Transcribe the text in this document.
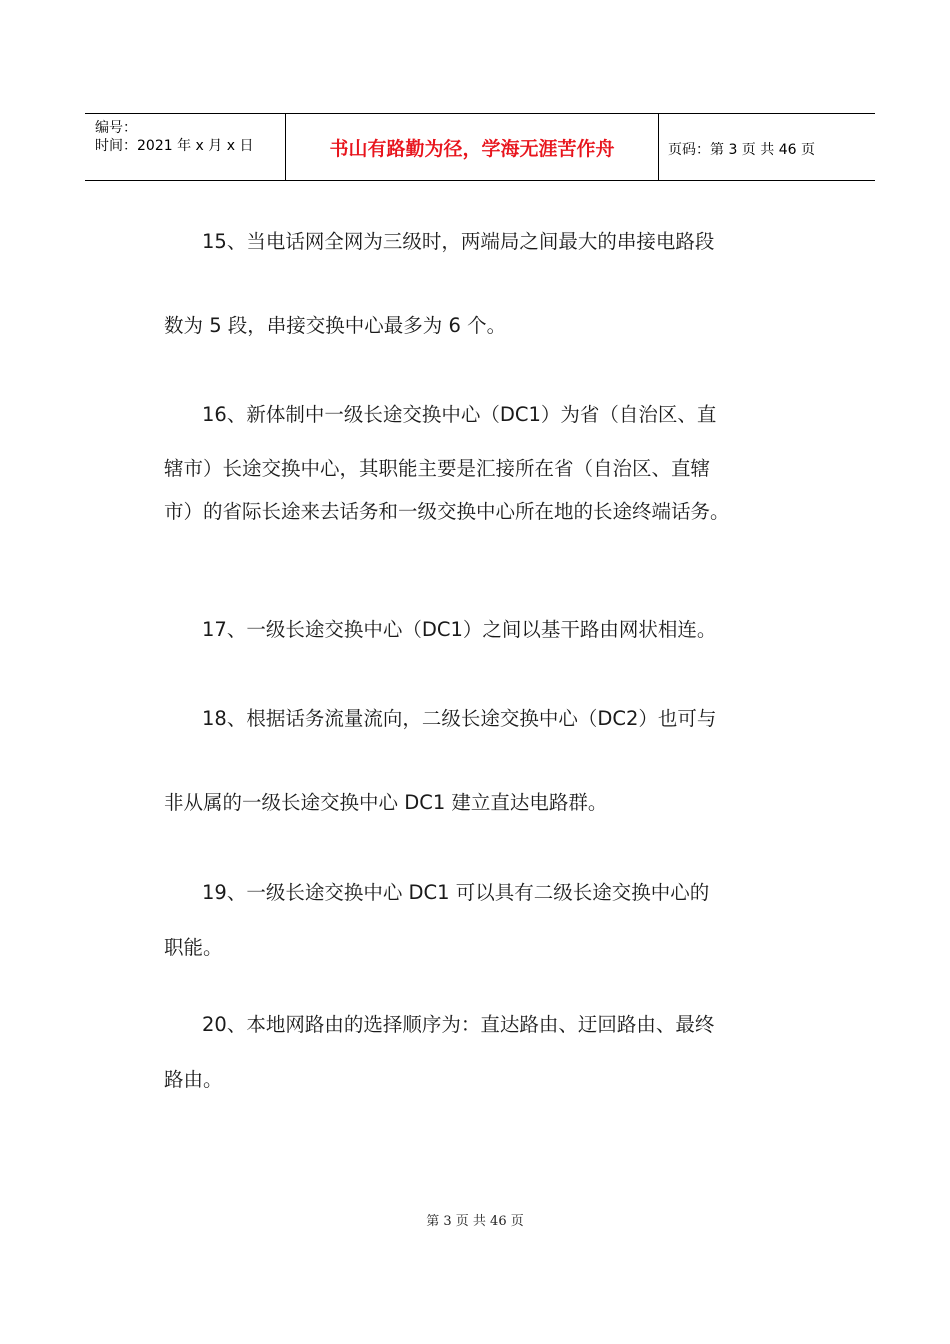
编号：
时间：2021 年 x 月 x 日	书山有路勤为径，学海无涯苦作舟	页码：第 3 页 共 46 页
15、当电话网全网为三级时，两端局之间最大的串接电路段
数为 5 段，串接交换中心最多为 6 个。
16、新体制中一级长途交换中心（DC1）为省（自治区、直
辖市）长途交换中心，其职能主要是汇接所在省（自治区、直辖
市）的省际长途来去话务和一级交换中心所在地的长途终端话务。
17、一级长途交换中心（DC1）之间以基干路由网状相连。
18、根据话务流量流向，二级长途交换中心（DC2）也可与
非从属的一级长途交换中心 DC1 建立直达电路群。
19、一级长途交换中心 DC1 可以具有二级长途交换中心的
职能。
20、本地网路由的选择顺序为：直达路由、迂回路由、最终
路由。
第 3 页 共 46 页
